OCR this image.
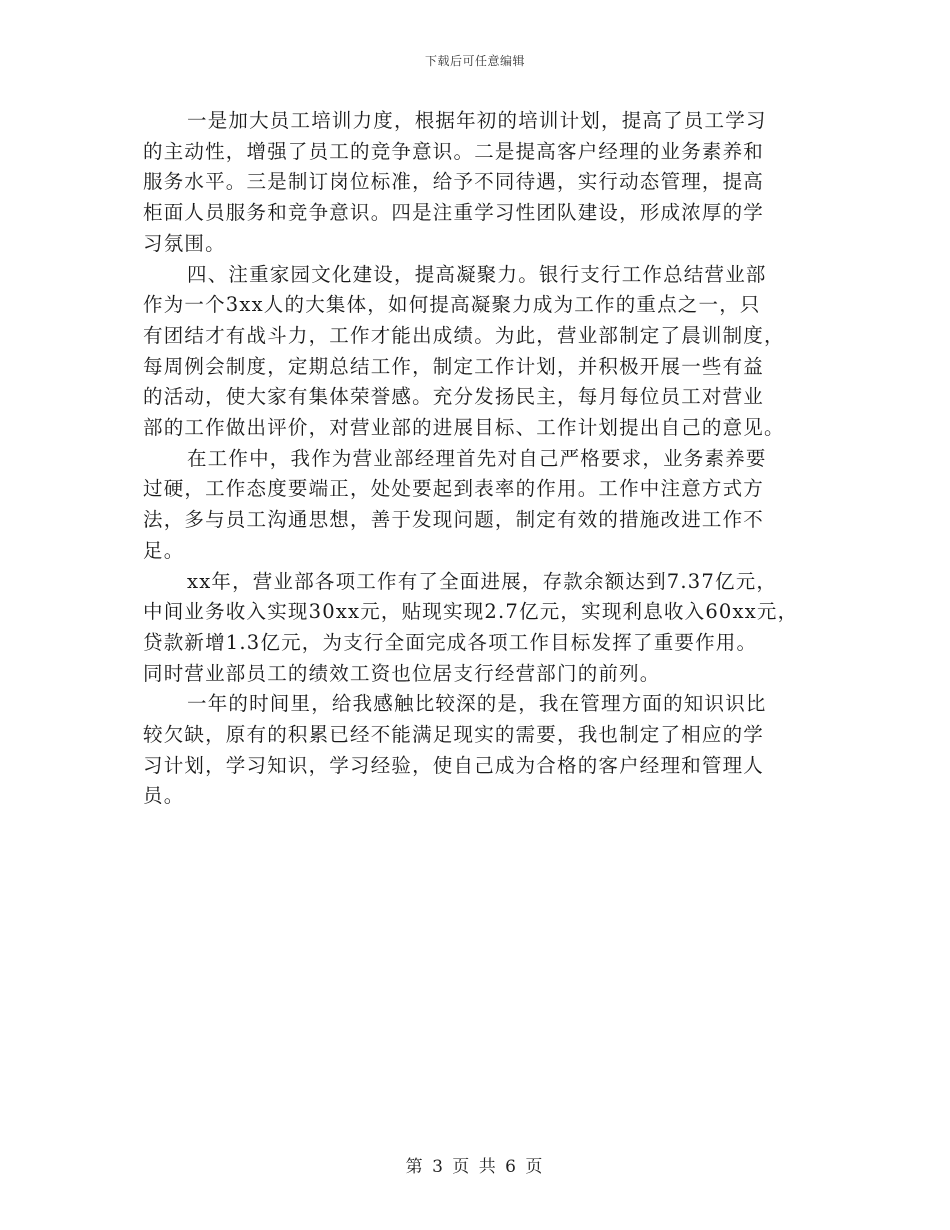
下载后可任意编辑
一是加大员工培训力度，根据年初的培训计划，提高了员工学习
的主动性，增强了员工的竞争意识。二是提高客户经理的业务素养和
服务水平。三是制订岗位标准，给予不同待遇，实行动态管理，提高
柜面人员服务和竞争意识。四是注重学习性团队建设，形成浓厚的学
习氛围。
四、注重家园文化建设，提高凝聚力。银行支行工作总结营业部
作为一个3xx人的大集体，如何提高凝聚力成为工作的重点之一，只
有团结才有战斗力，工作才能出成绩。为此，营业部制定了晨训制度，
每周例会制度，定期总结工作，制定工作计划，并积极开展一些有益
的活动，使大家有集体荣誉感。充分发扬民主，每月每位员工对营业
部的工作做出评价，对营业部的进展目标、工作计划提出自己的意见。
在工作中，我作为营业部经理首先对自己严格要求，业务素养要
过硬，工作态度要端正，处处要起到表率的作用。工作中注意方式方
法，多与员工沟通思想，善于发现问题，制定有效的措施改进工作不
足。
xx年，营业部各项工作有了全面进展，存款余额达到7.37亿元，
中间业务收入实现30xx元，贴现实现2.7亿元，实现利息收入60xx元，
贷款新增1.3亿元，为支行全面完成各项工作目标发挥了重要作用。
同时营业部员工的绩效工资也位居支行经营部门的前列。
一年的时间里，给我感触比较深的是，我在管理方面的知识识比
较欠缺，原有的积累已经不能满足现实的需要，我也制定了相应的学
习计划，学习知识，学习经验，使自己成为合格的客户经理和管理人
员。
第 3 页 共 6 页
